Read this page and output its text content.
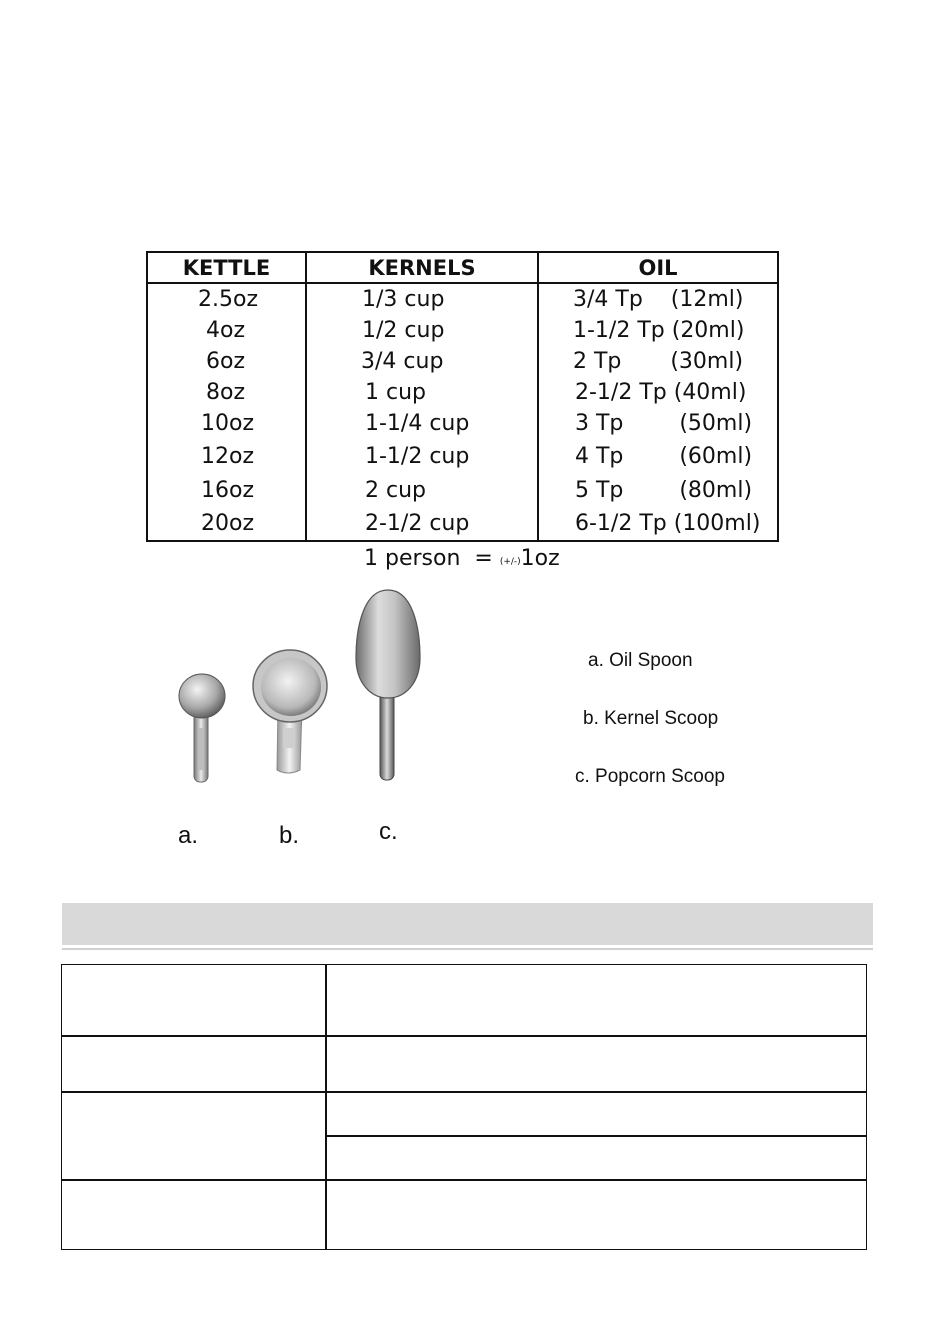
KETTLE	KERNELS	OIL
2.5oz	1/3 cup	3/4 Tp    (12ml)
4oz	1/2 cup	1-1/2 Tp (20ml)
6oz	3/4 cup	2 Tp       (30ml)
8oz	1 cup	2-1/2 Tp (40ml)
10oz	1-1/4 cup	3 Tp        (50ml)
12oz	1-1/2 cup	4 Tp        (60ml)
16oz	2 cup	5 Tp        (80ml)
20oz	2-1/2 cup	6-1/2 Tp (100ml)
1 person  = (+/-)1oz
a.	b.	c.
a. Oil Spoon
b. Kernel Scoop
c. Popcorn Scoop
